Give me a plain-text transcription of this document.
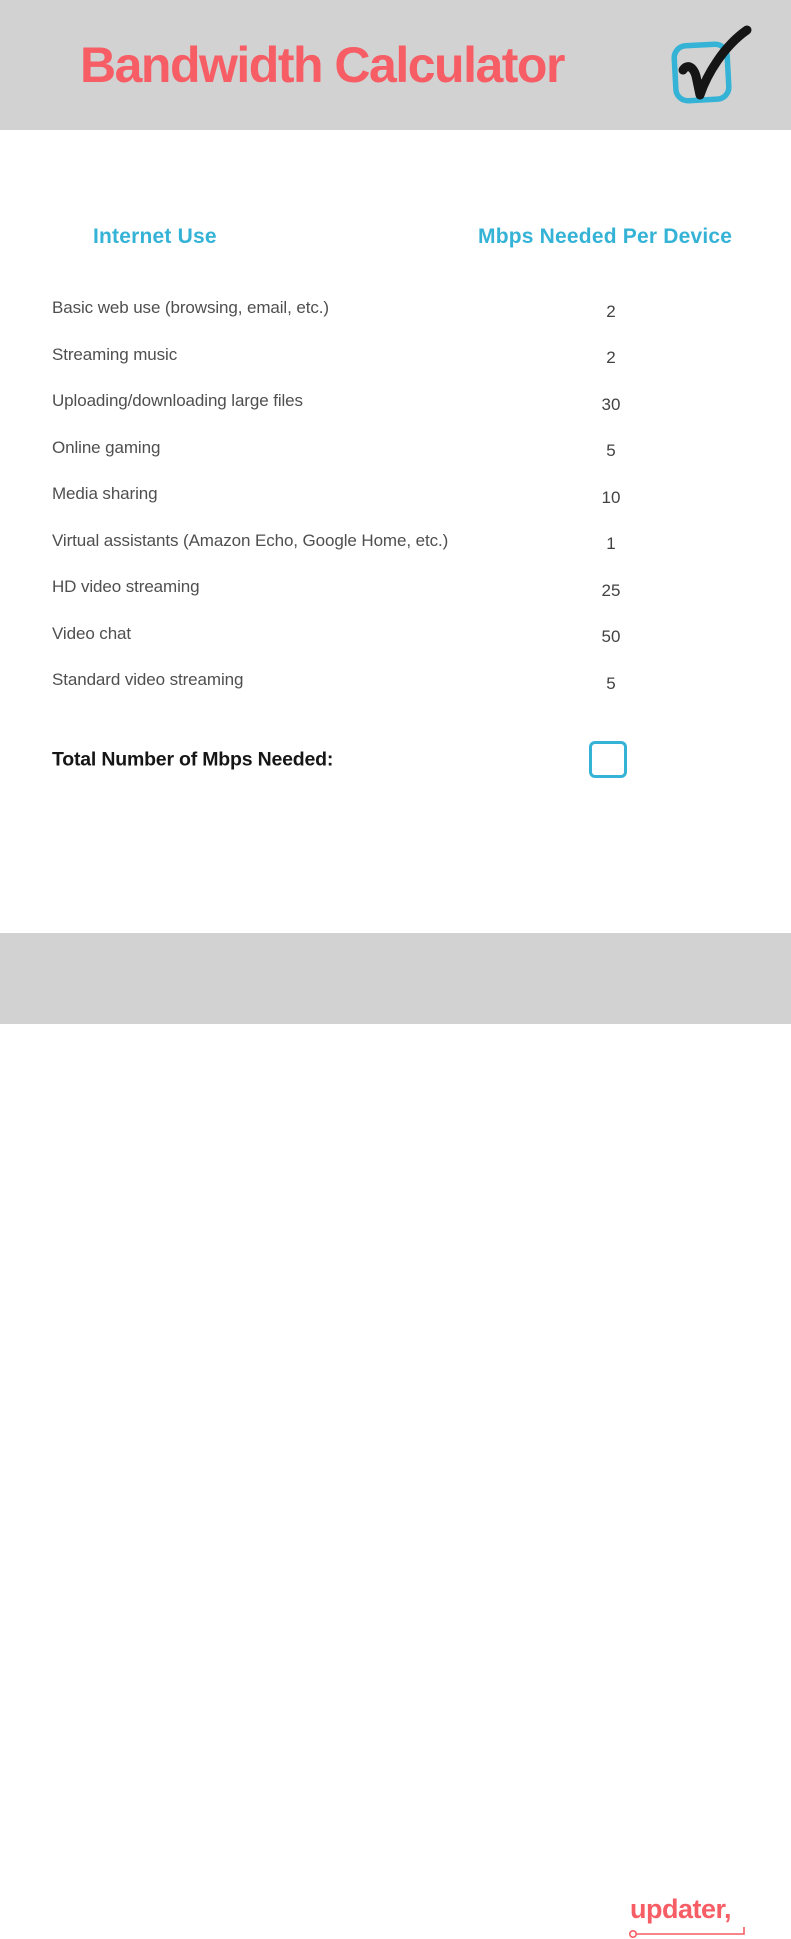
Bandwidth Calculator
Internet Use	Mbps Needed Per Device
Basic web use (browsing, email, etc.)	2
Streaming music	2
Uploading/downloading large files	30
Online gaming	5
Media sharing	10
Virtual assistants (Amazon Echo, Google Home, etc.)	1
HD video streaming	25
Video chat	50
Standard video streaming	5
Total Number of Mbps Needed:
updater,
